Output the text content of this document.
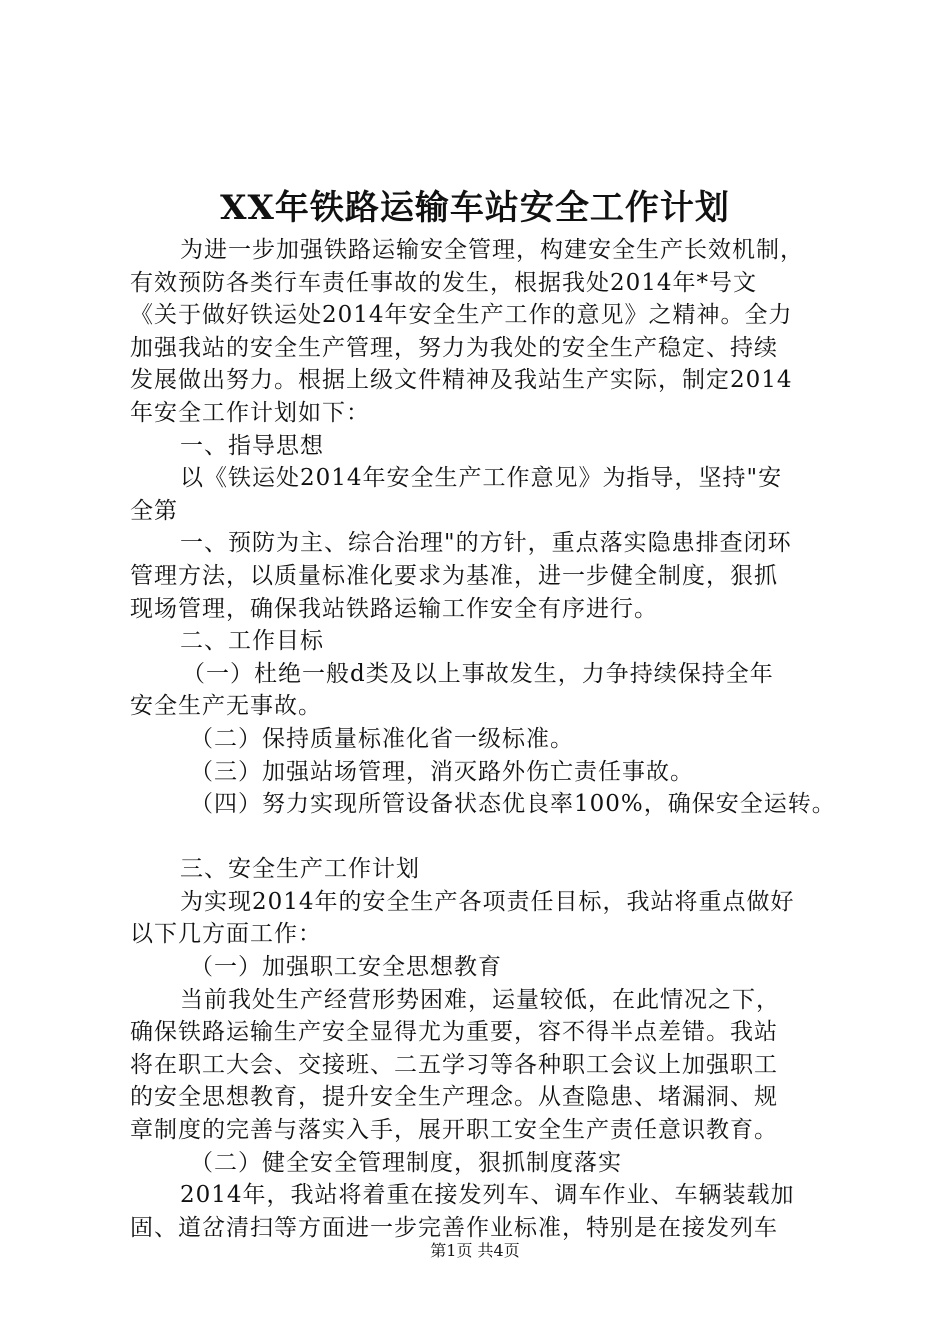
XX年铁路运输车站安全工作计划
为进一步加强铁路运输安全管理，构建安全生产长效机制，
有效预防各类行车责任事故的发生，根据我处2014年*号文
《关于做好铁运处2014年安全生产工作的意见》之精神。全力
加强我站的安全生产管理，努力为我处的安全生产稳定、持续
发展做出努力。根据上级文件精神及我站生产实际，制定2014
年安全工作计划如下：
一、指导思想
以《铁运处2014年安全生产工作意见》为指导，坚持"安
全第
一、预防为主、综合治理"的方针，重点落实隐患排查闭环
管理方法，以质量标准化要求为基准，进一步健全制度，狠抓
现场管理，确保我站铁路运输工作安全有序进行。
二、工作目标
（一）杜绝一般d类及以上事故发生，力争持续保持全年
安全生产无事故。
（二）保持质量标准化省一级标准。
（三）加强站场管理，消灭路外伤亡责任事故。
（四）努力实现所管设备状态优良率100%，确保安全运转。
三、安全生产工作计划
为实现2014年的安全生产各项责任目标，我站将重点做好
以下几方面工作：
（一）加强职工安全思想教育
当前我处生产经营形势困难，运量较低，在此情况之下，
确保铁路运输生产安全显得尤为重要，容不得半点差错。我站
将在职工大会、交接班、二五学习等各种职工会议上加强职工
的安全思想教育，提升安全生产理念。从查隐患、堵漏洞、规
章制度的完善与落实入手，展开职工安全生产责任意识教育。
（二）健全安全管理制度，狠抓制度落实
2014年，我站将着重在接发列车、调车作业、车辆装载加
固、道岔清扫等方面进一步完善作业标准，特别是在接发列车
第1页 共4页
